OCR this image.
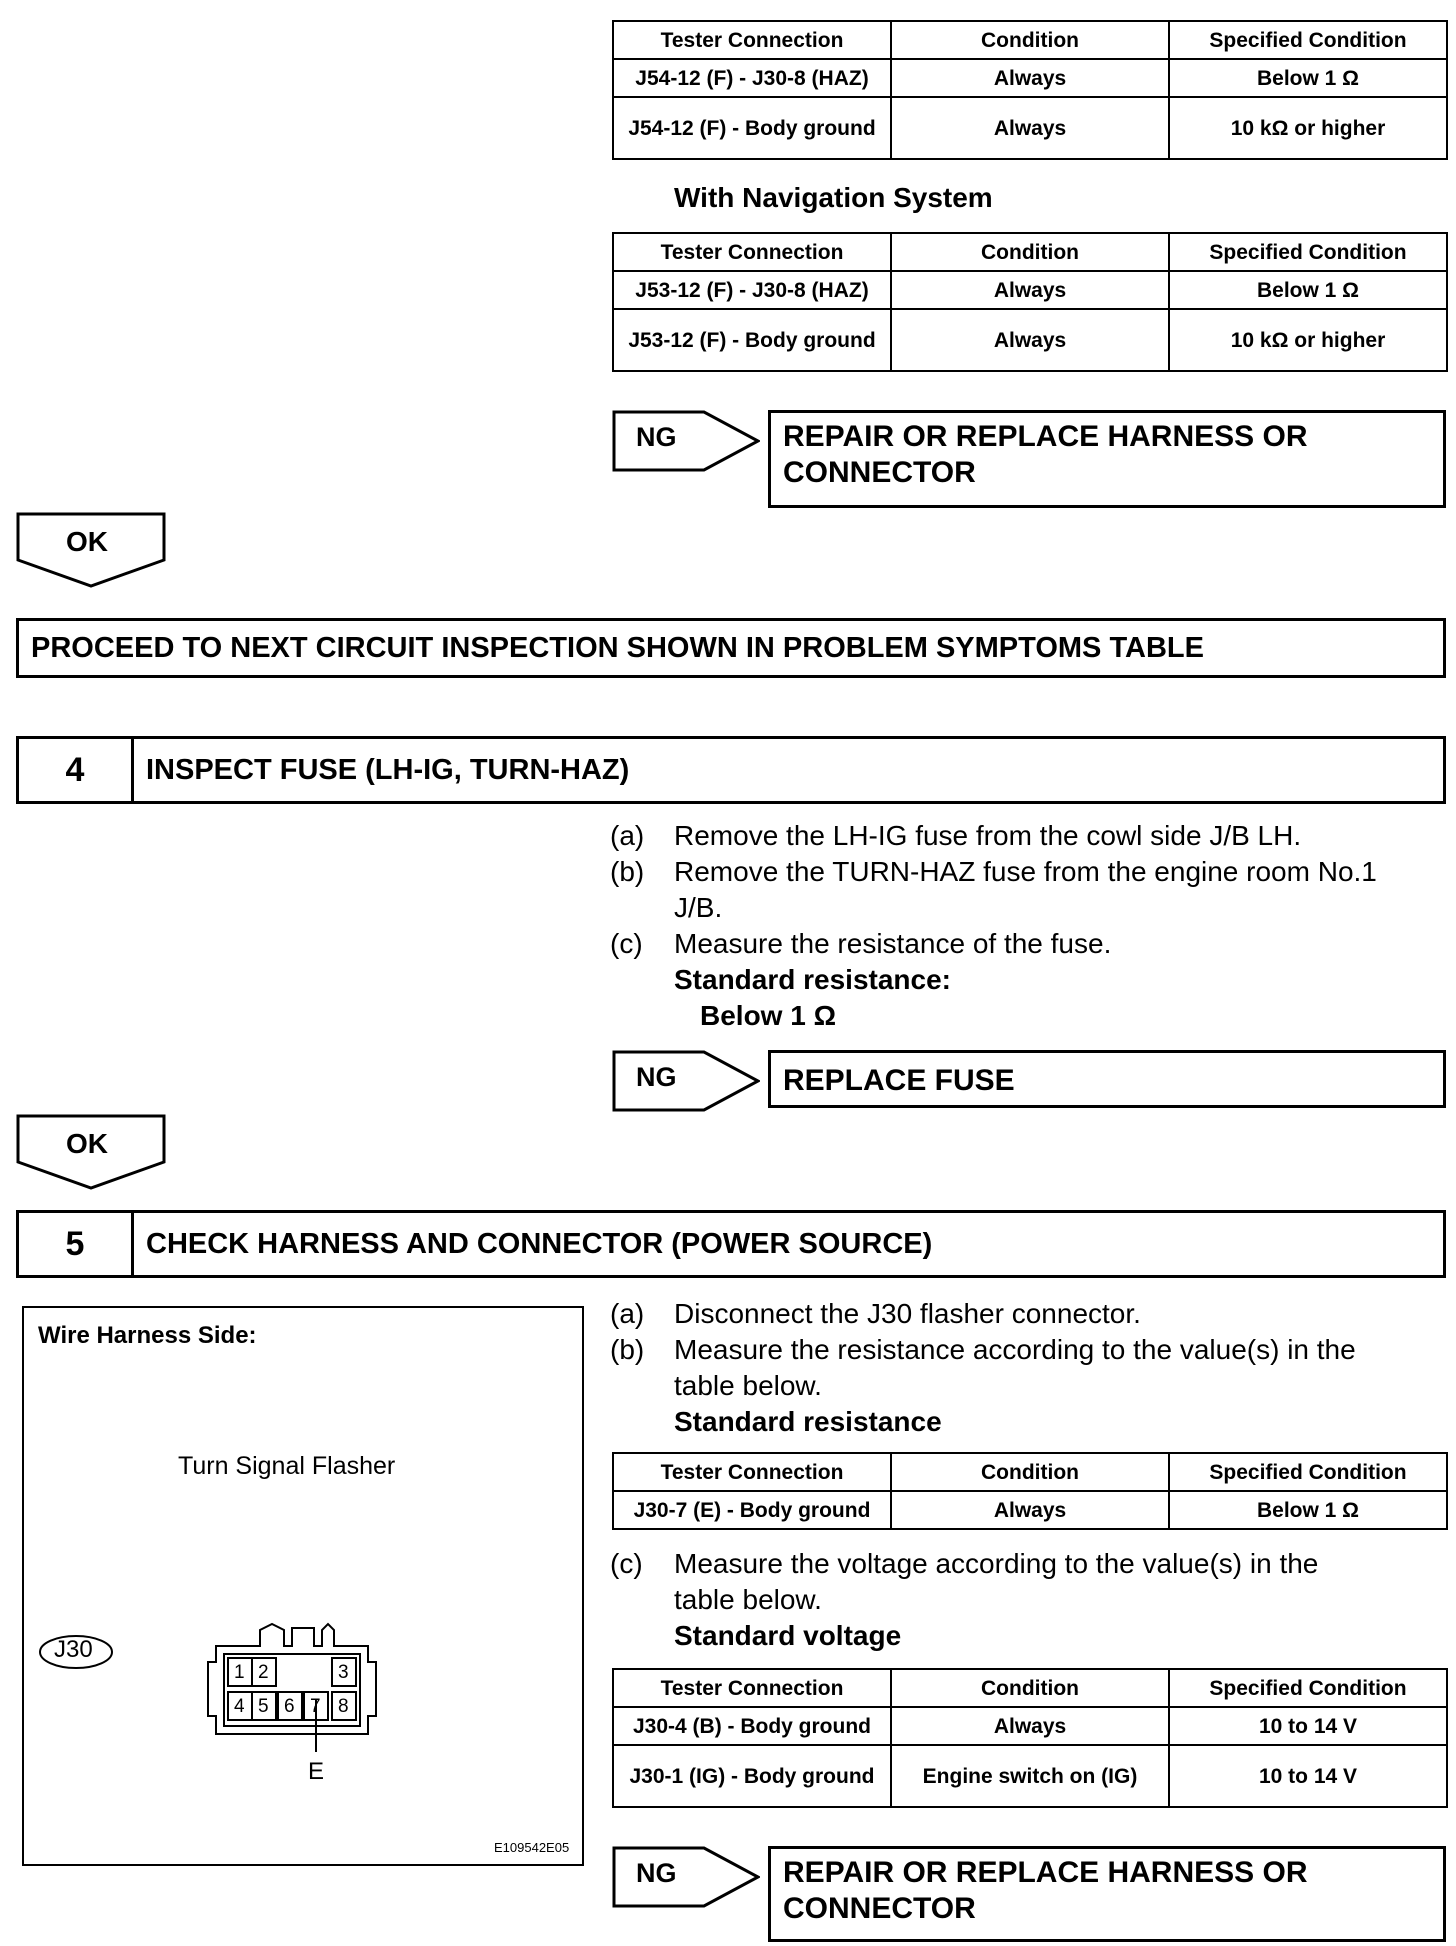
Tester Connection	Condition	Specified Condition
J54-12 (F) - J30-8 (HAZ)	Always	Below 1 Ω
J54-12 (F) - Body ground	Always	10 kΩ or higher
With Navigation System
Tester Connection	Condition	Specified Condition
J53-12 (F) - J30-8 (HAZ)	Always	Below 1 Ω
J53-12 (F) - Body ground	Always	10 kΩ or higher
NG	REPAIR OR REPLACE HARNESS OR CONNECTOR
OK
PROCEED TO NEXT CIRCUIT INSPECTION SHOWN IN PROBLEM SYMPTOMS TABLE
4	INSPECT FUSE (LH-IG, TURN-HAZ)
(a) Remove the LH-IG fuse from the cowl side J/B LH.
(b) Remove the TURN-HAZ fuse from the engine room No.1
J/B.
(c) Measure the resistance of the fuse.
Standard resistance:
Below 1 Ω
NG	REPLACE FUSE
OK
5	CHECK HARNESS AND CONNECTOR (POWER SOURCE)
Wire Harness Side:
Turn Signal Flasher
J30
1 2	3
4 5 6 7 8
E
E109542E05
(a) Disconnect the J30 flasher connector.
(b) Measure the resistance according to the value(s) in the
table below.
Standard resistance
Tester Connection	Condition	Specified Condition
J30-7 (E) - Body ground	Always	Below 1 Ω
(c) Measure the voltage according to the value(s) in the
table below.
Standard voltage
Tester Connection	Condition	Specified Condition
J30-4 (B) - Body ground	Always	10 to 14 V
J30-1 (IG) - Body ground	Engine switch on (IG)	10 to 14 V
NG	REPAIR OR REPLACE HARNESS OR CONNECTOR
